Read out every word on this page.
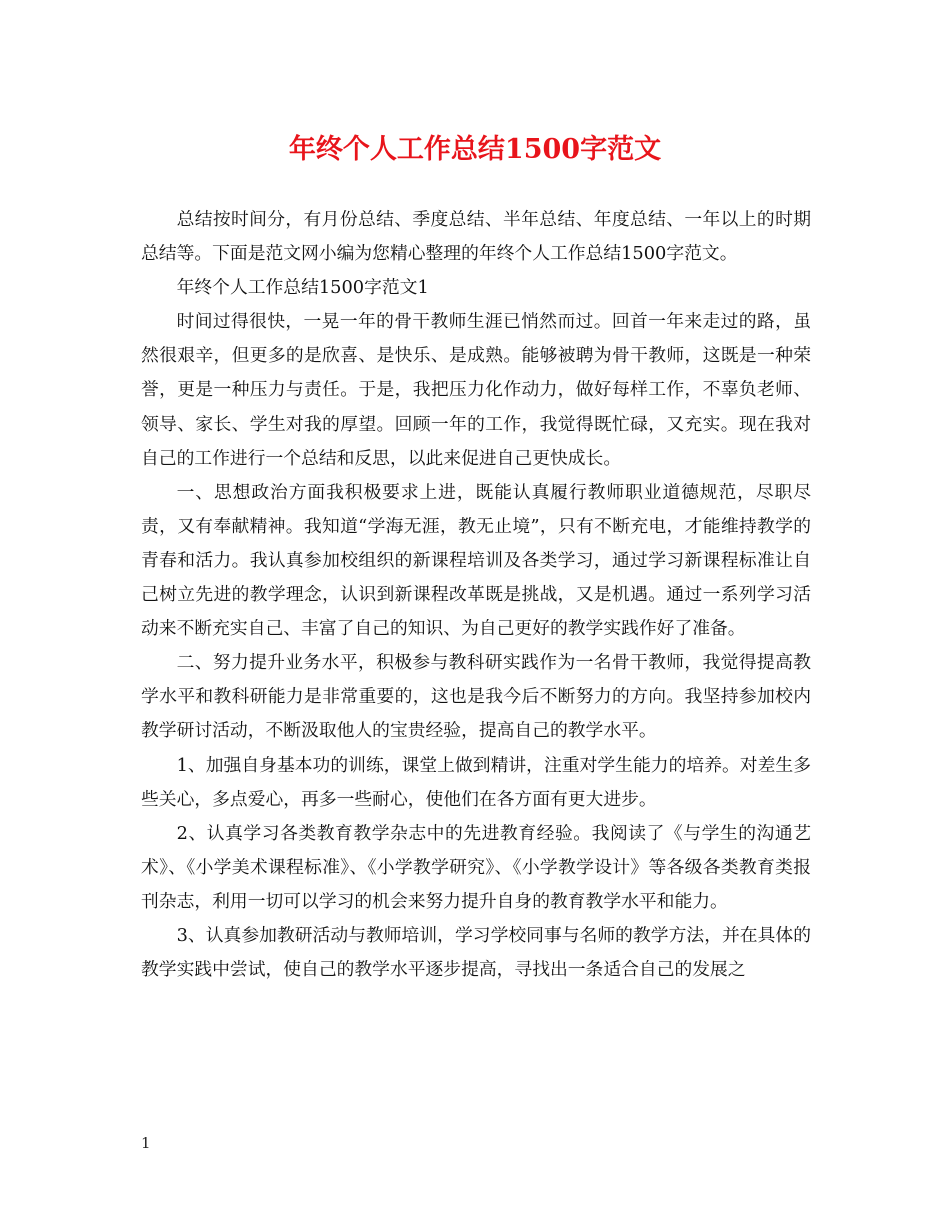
年终个人工作总结1500字范文

总结按时间分，有月份总结、季度总结、半年总结、年度总结、一年以上的时期总结等。下面是范文网小编为您精心整理的年终个人工作总结1500字范文。

年终个人工作总结1500字范文1

时间过得很快，一晃一年的骨干教师生涯已悄然而过。回首一年来走过的路，虽然很艰辛，但更多的是欣喜、是快乐、是成熟。能够被聘为骨干教师，这既是一种荣誉，更是一种压力与责任。于是，我把压力化作动力，做好每样工作，不辜负老师、领导、家长、学生对我的厚望。回顾一年的工作，我觉得既忙碌，又充实。现在我对自己的工作进行一个总结和反思，以此来促进自己更快成长。

一、思想政治方面我积极要求上进，既能认真履行教师职业道德规范，尽职尽责，又有奉献精神。我知道“学海无涯，教无止境”，只有不断充电，才能维持教学的青春和活力。我认真参加校组织的新课程培训及各类学习，通过学习新课程标准让自己树立先进的教学理念，认识到新课程改革既是挑战，又是机遇。通过一系列学习活动来不断充实自己、丰富了自己的知识、为自己更好的教学实践作好了准备。

二、努力提升业务水平，积极参与教科研实践作为一名骨干教师，我觉得提高教学水平和教科研能力是非常重要的，这也是我今后不断努力的方向。我坚持参加校内教学研讨活动，不断汲取他人的宝贵经验，提高自己的教学水平。

1、加强自身基本功的训练，课堂上做到精讲，注重对学生能力的培养。对差生多些关心，多点爱心，再多一些耐心，使他们在各方面有更大进步。

2、认真学习各类教育教学杂志中的先进教育经验。我阅读了《与学生的沟通艺术》、《小学美术课程标准》、《小学教学研究》、《小学教学设计》等各级各类教育类报刊杂志，利用一切可以学习的机会来努力提升自身的教育教学水平和能力。

3、认真参加教研活动与教师培训，学习学校同事与名师的教学方法，并在具体的教学实践中尝试，使自己的教学水平逐步提高，寻找出一条适合自己的发展之

1
